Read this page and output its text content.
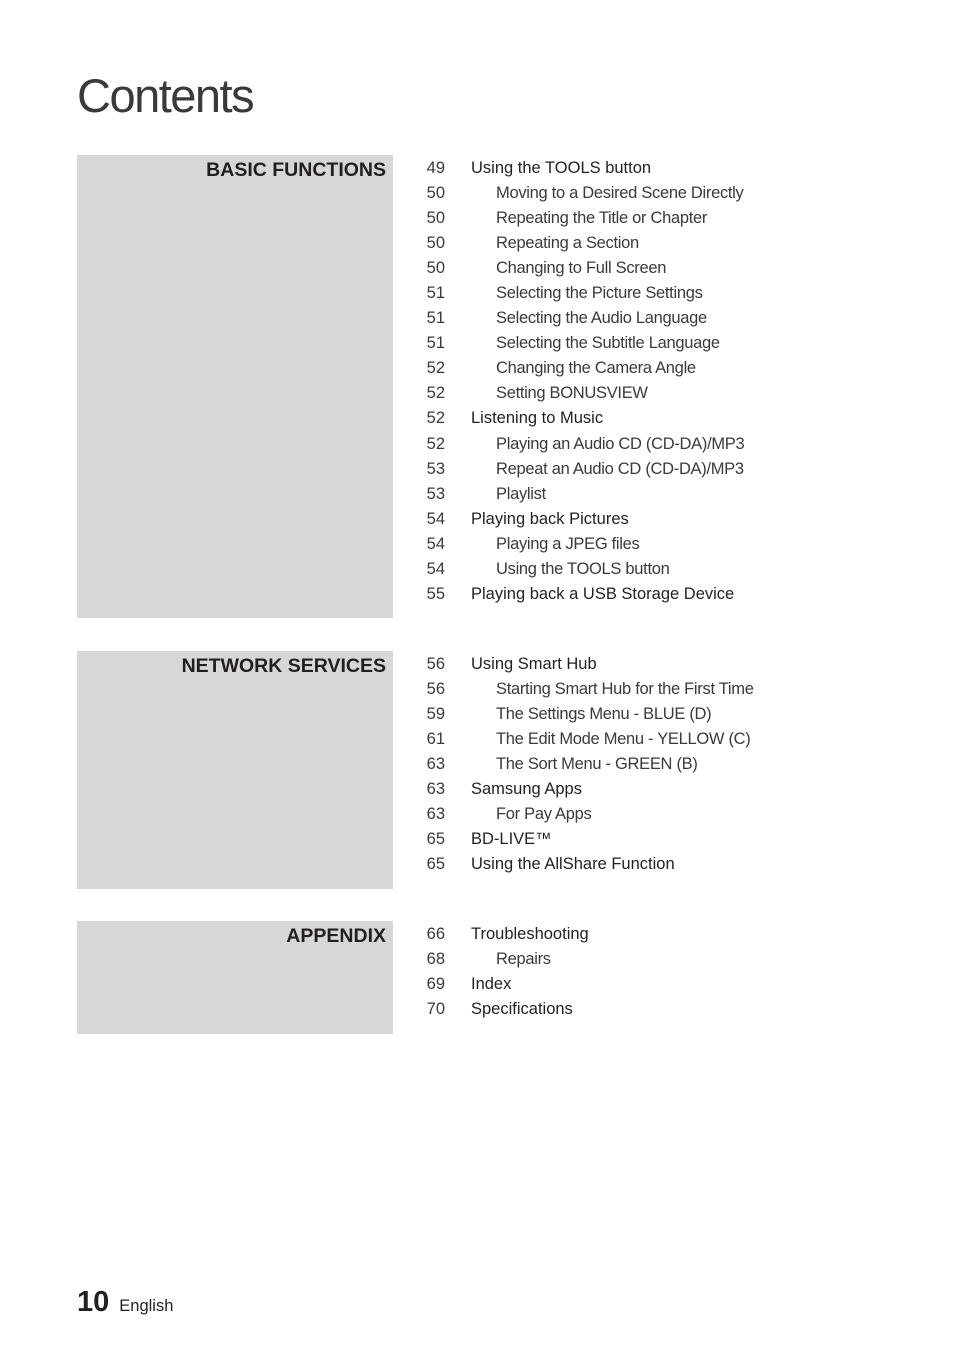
Contents
BASIC FUNCTIONS	49 Using the TOOLS button
50	Moving to a Desired Scene Directly
50	Repeating the Title or Chapter
50	Repeating a Section
50	Changing to Full Screen
51	Selecting the Picture Settings
51	Selecting the Audio Language
51	Selecting the Subtitle Language
52	Changing the Camera Angle
52	Setting BONUSVIEW
52 Listening to Music
52	Playing an Audio CD (CD-DA)/MP3
53	Repeat an Audio CD (CD-DA)/MP3
53	Playlist
54 Playing back Pictures
54	Playing a JPEG files
54	Using the TOOLS button
55 Playing back a USB Storage Device
NETWORK SERVICES	56 Using Smart Hub
56	Starting Smart Hub for the First Time
59	The Settings Menu - BLUE (D)
61	The Edit Mode Menu - YELLOW (C)
63	The Sort Menu - GREEN (B)
63 Samsung Apps
63	For Pay Apps
65 BD-LIVE™
65 Using the AllShare Function
APPENDIX	66 Troubleshooting
68	Repairs
69 Index
70 Specifications
10 English
